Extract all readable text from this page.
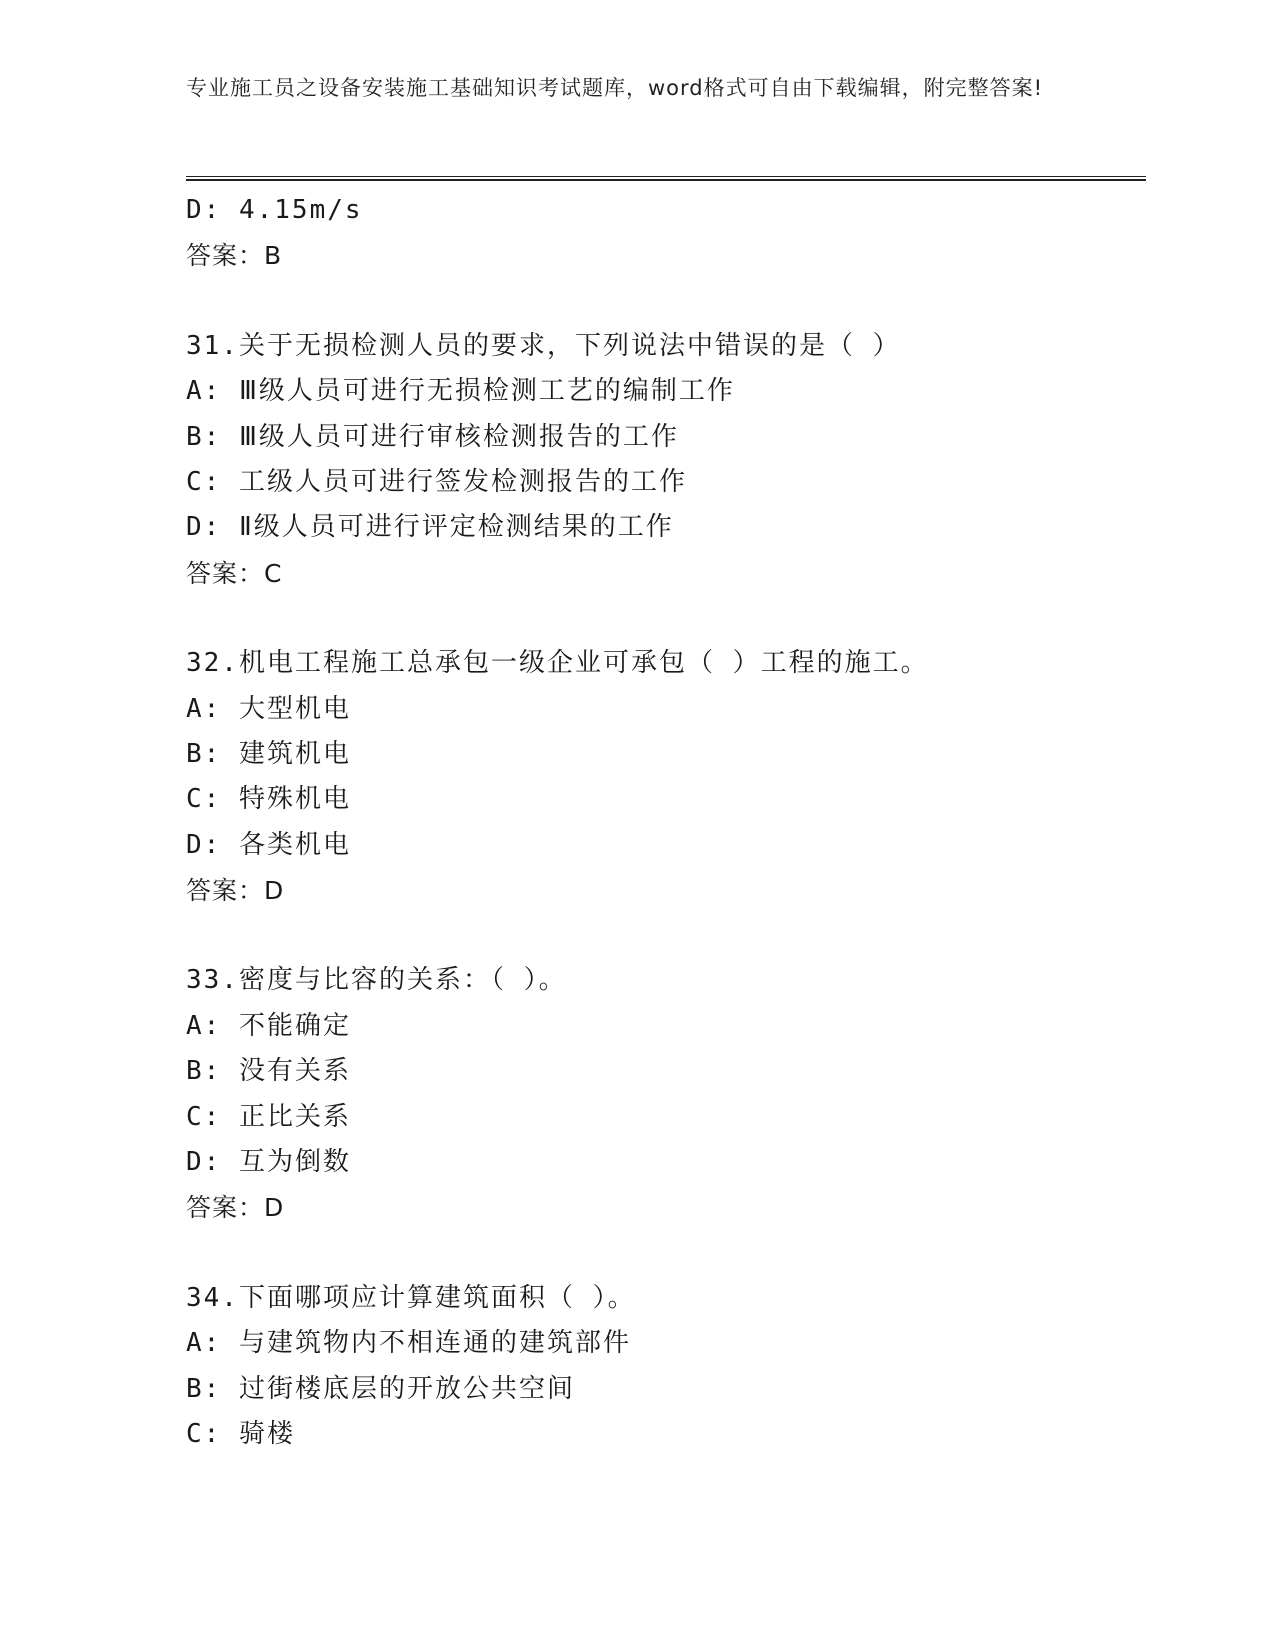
专业施工员之设备安装施工基础知识考试题库，word格式可自由下载编辑，附完整答案!
D: 4.15m/s
答案：B
31.关于无损检测人员的要求，下列说法中错误的是（ ）
A: Ⅲ级人员可进行无损检测工艺的编制工作
B: Ⅲ级人员可进行审核检测报告的工作
C: 工级人员可进行签发检测报告的工作
D: Ⅱ级人员可进行评定检测结果的工作
答案：C
32.机电工程施工总承包一级企业可承包（ ）工程的施工。
A: 大型机电
B: 建筑机电
C: 特殊机电
D: 各类机电
答案：D
33.密度与比容的关系：（ ）。
A: 不能确定
B: 没有关系
C: 正比关系
D: 互为倒数
答案：D
34.下面哪项应计算建筑面积（ ）。
A: 与建筑物内不相连通的建筑部件
B: 过街楼底层的开放公共空间
C: 骑楼
